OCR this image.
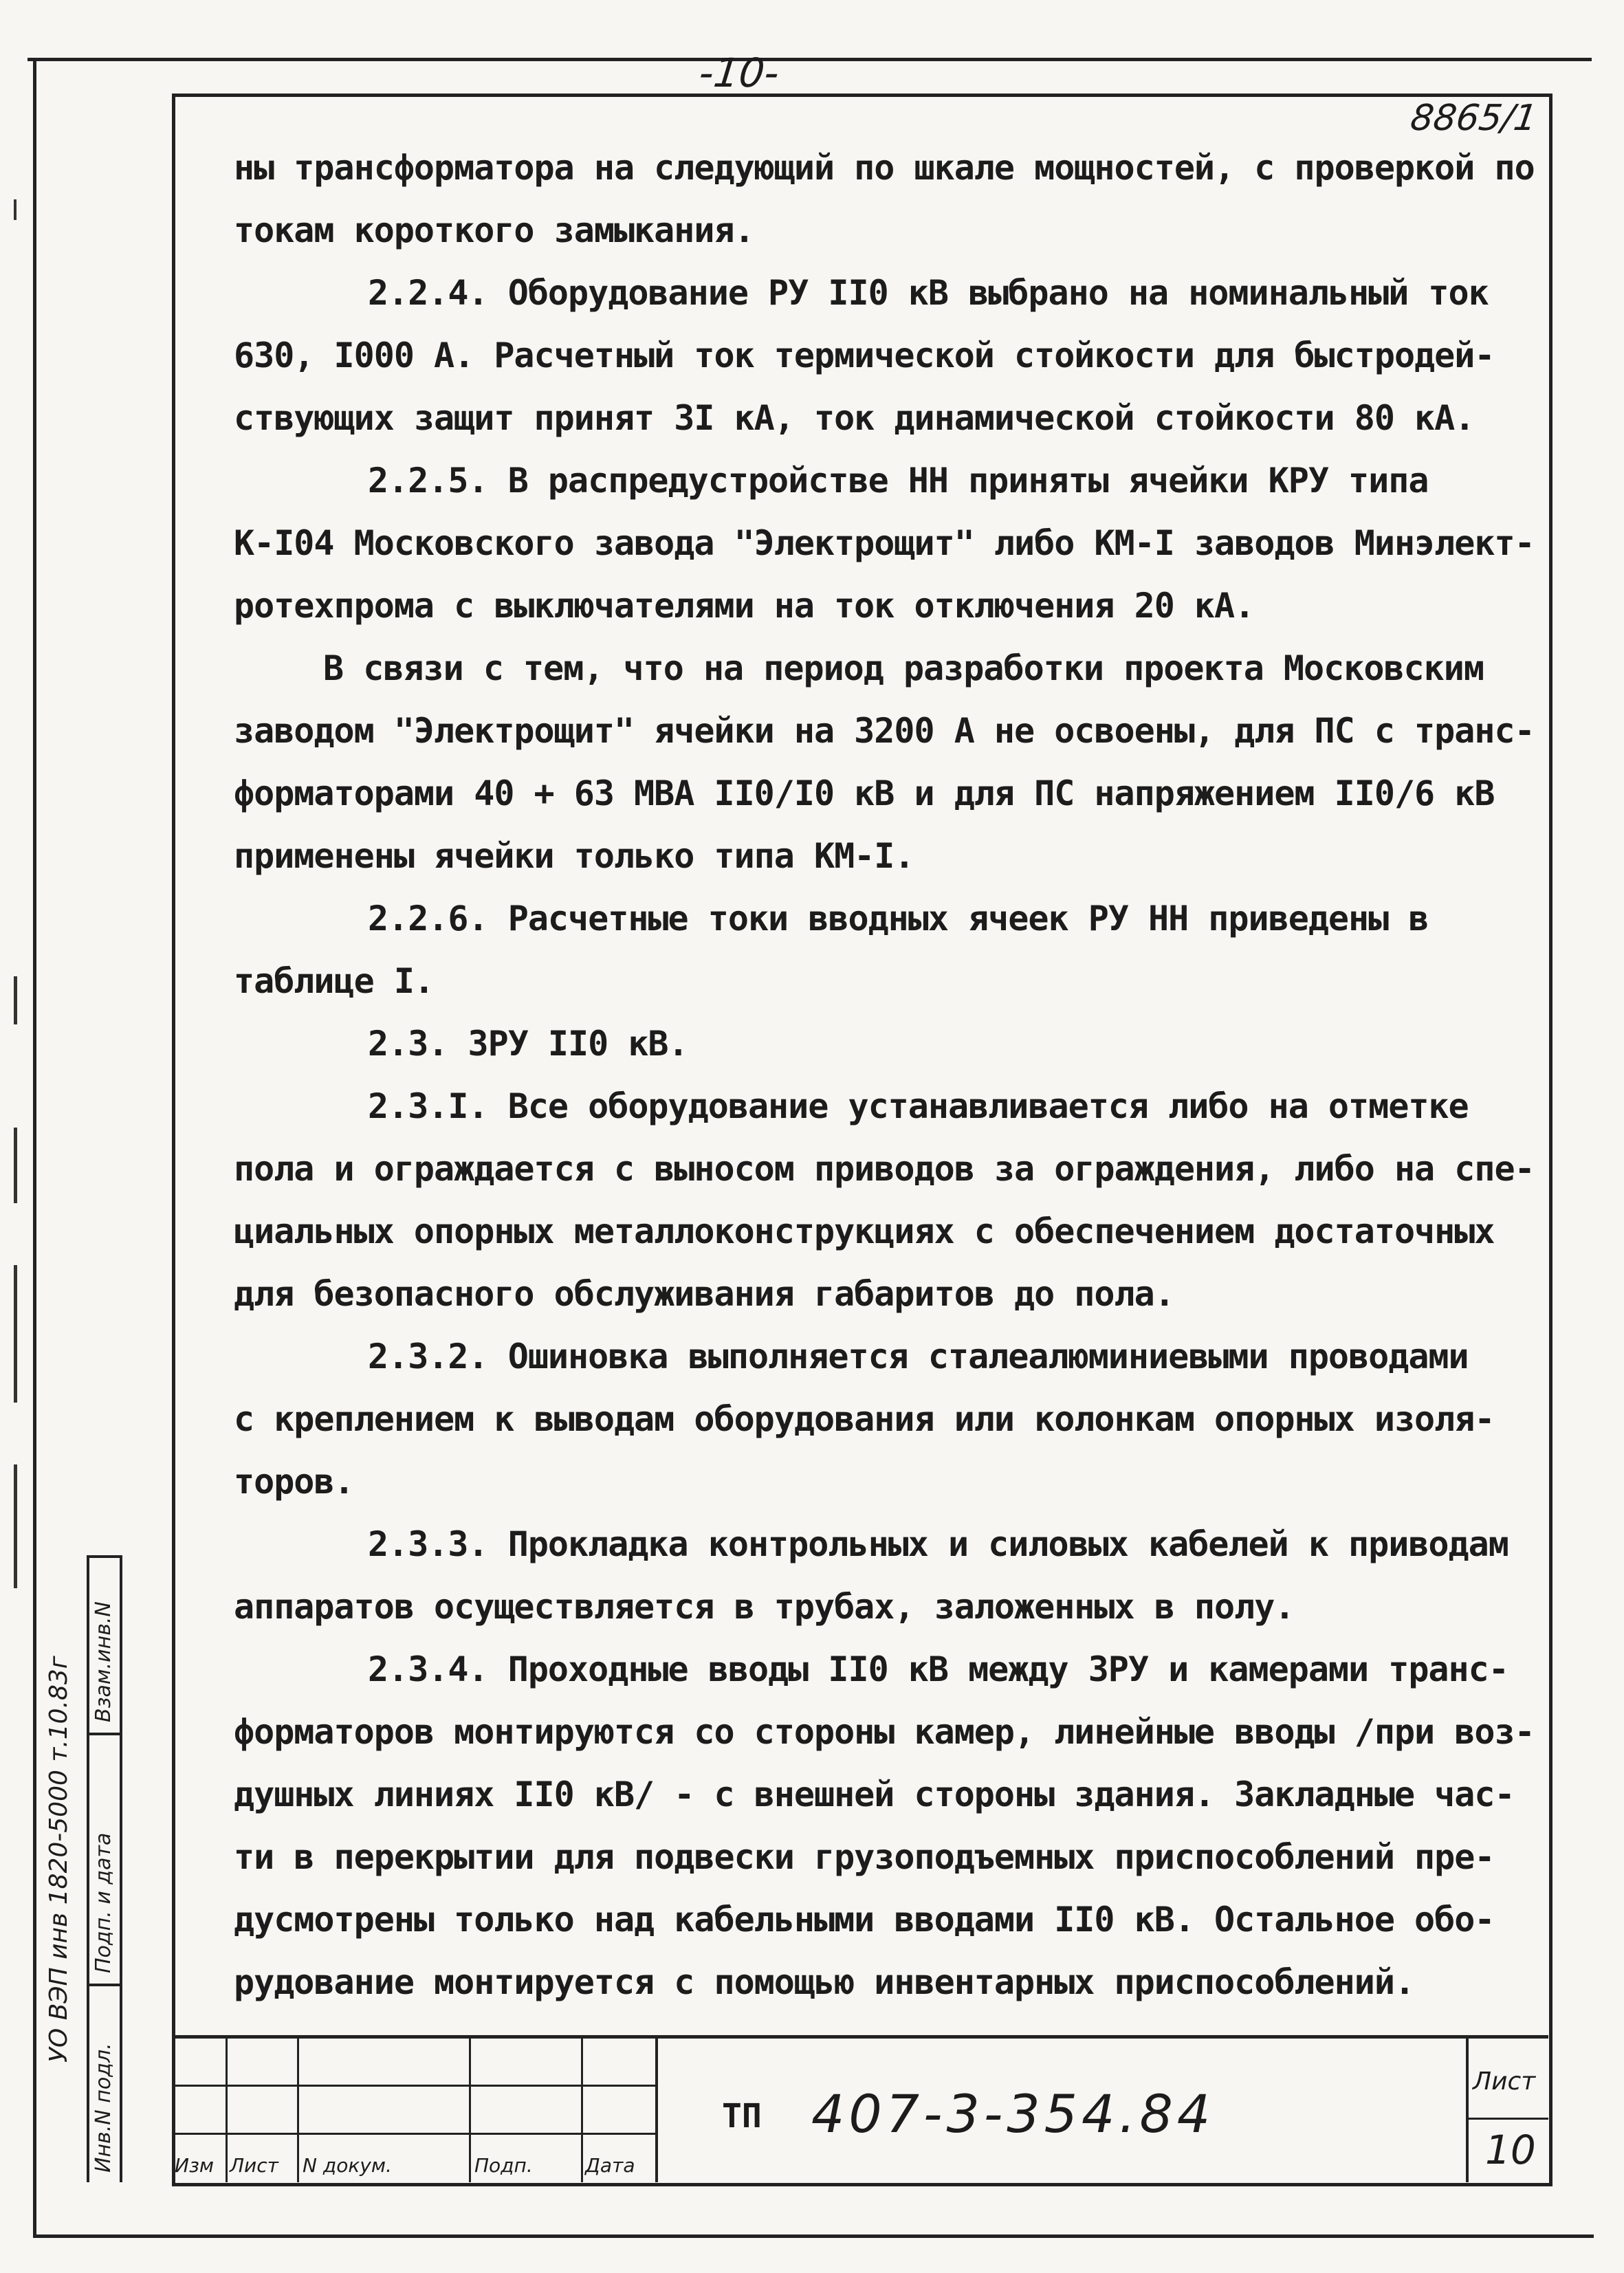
-10-
8865/1
ны трансформатора на следующий по шкале мощностей, с проверкой по
токам короткого замыкания.
2.2.4. Оборудование РУ II0 кВ выбрано на номинальный ток
630, I000 А. Расчетный ток термической стойкости для быстродей-
ствующих защит принят 3I кА, ток динамической стойкости 80 кА.
2.2.5. В распредустройстве НН приняты ячейки КРУ типа
К-I04 Московского завода "Электрощит" либо КМ-I заводов Минэлект-
ротехпрома с выключателями на ток отключения 20 кА.
В связи с тем, что на период разработки проекта Московским
заводом "Электрощит" ячейки на 3200 А не освоены, для ПС с транс-
форматорами 40 + 63 МВА II0/I0 кВ и для ПС напряжением II0/6 кВ
применены ячейки только типа КМ-I.
2.2.6. Расчетные токи вводных ячеек РУ НН приведены в
таблице I.
2.3. ЗРУ II0 кВ.
2.3.I. Все оборудование устанавливается либо на отметке
пола и ограждается с выносом приводов за ограждения, либо на спе-
циальных опорных металлоконструкциях с обеспечением достаточных
для безопасного обслуживания габаритов до пола.
2.3.2. Ошиновка выполняется сталеалюминиевыми проводами
с креплением к выводам оборудования или колонкам опорных изоля-
торов.
2.3.3. Прокладка контрольных и силовых кабелей к приводам
аппаратов осуществляется в трубах, заложенных в полу.
2.3.4. Проходные вводы II0 кВ между ЗРУ и камерами транс-
форматоров монтируются со стороны камер, линейные вводы /при воз-
душных линиях II0 кВ/ - с внешней стороны здания. Закладные час-
ти в перекрытии для подвески грузоподъемных приспособлений пре-
дусмотрены только над кабельными вводами II0 кВ. Остальное обо-
рудование монтируется с помощью инвентарных приспособлений.
Инв.N подл.
Подп. и дата
Взам.инв.N
УО ВЭП инв 1820-5000 т.10.83г
Изм Лист N докум.	Подп.	Дата
ТП 407-3-354.84
Лист
10
